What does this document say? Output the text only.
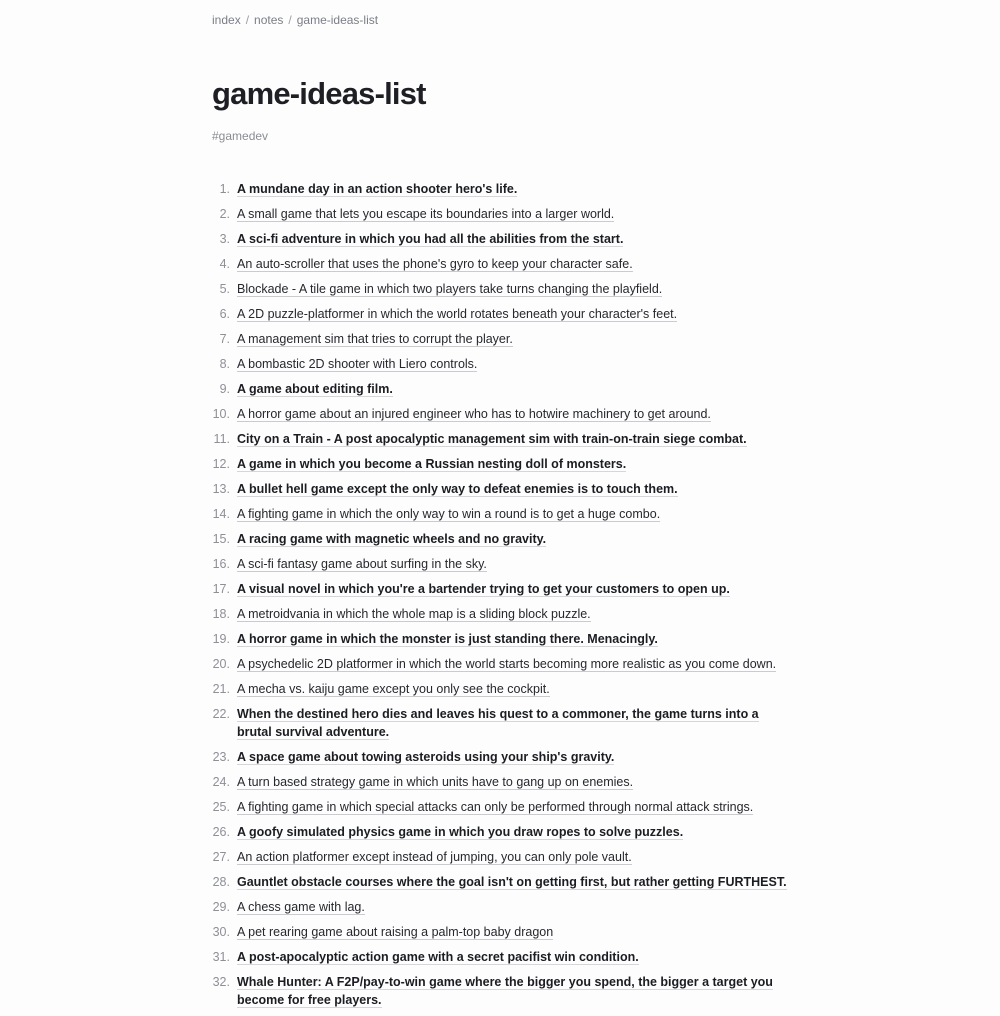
index / notes / game-ideas-list
game-ideas-list
#gamedev
1. A mundane day in an action shooter hero's life.
2. A small game that lets you escape its boundaries into a larger world.
3. A sci-fi adventure in which you had all the abilities from the start.
4. An auto-scroller that uses the phone's gyro to keep your character safe.
5. Blockade - A tile game in which two players take turns changing the playfield.
6. A 2D puzzle-platformer in which the world rotates beneath your character's feet.
7. A management sim that tries to corrupt the player.
8. A bombastic 2D shooter with Liero controls.
9. A game about editing film.
10. A horror game about an injured engineer who has to hotwire machinery to get around.
11. City on a Train - A post apocalyptic management sim with train-on-train siege combat.
12. A game in which you become a Russian nesting doll of monsters.
13. A bullet hell game except the only way to defeat enemies is to touch them.
14. A fighting game in which the only way to win a round is to get a huge combo.
15. A racing game with magnetic wheels and no gravity.
16. A sci-fi fantasy game about surfing in the sky.
17. A visual novel in which you're a bartender trying to get your customers to open up.
18. A metroidvania in which the whole map is a sliding block puzzle.
19. A horror game in which the monster is just standing there. Menacingly.
20. A psychedelic 2D platformer in which the world starts becoming more realistic as you come down.
21. A mecha vs. kaiju game except you only see the cockpit.
22. When the destined hero dies and leaves his quest to a commoner, the game turns into a brutal survival adventure.
23. A space game about towing asteroids using your ship's gravity.
24. A turn based strategy game in which units have to gang up on enemies.
25. A fighting game in which special attacks can only be performed through normal attack strings.
26. A goofy simulated physics game in which you draw ropes to solve puzzles.
27. An action platformer except instead of jumping, you can only pole vault.
28. Gauntlet obstacle courses where the goal isn't on getting first, but rather getting FURTHEST.
29. A chess game with lag.
30. A pet rearing game about raising a palm-top baby dragon
31. A post-apocalyptic action game with a secret pacifist win condition.
32. Whale Hunter: A F2P/pay-to-win game where the bigger you spend, the bigger a target you become for free players.
